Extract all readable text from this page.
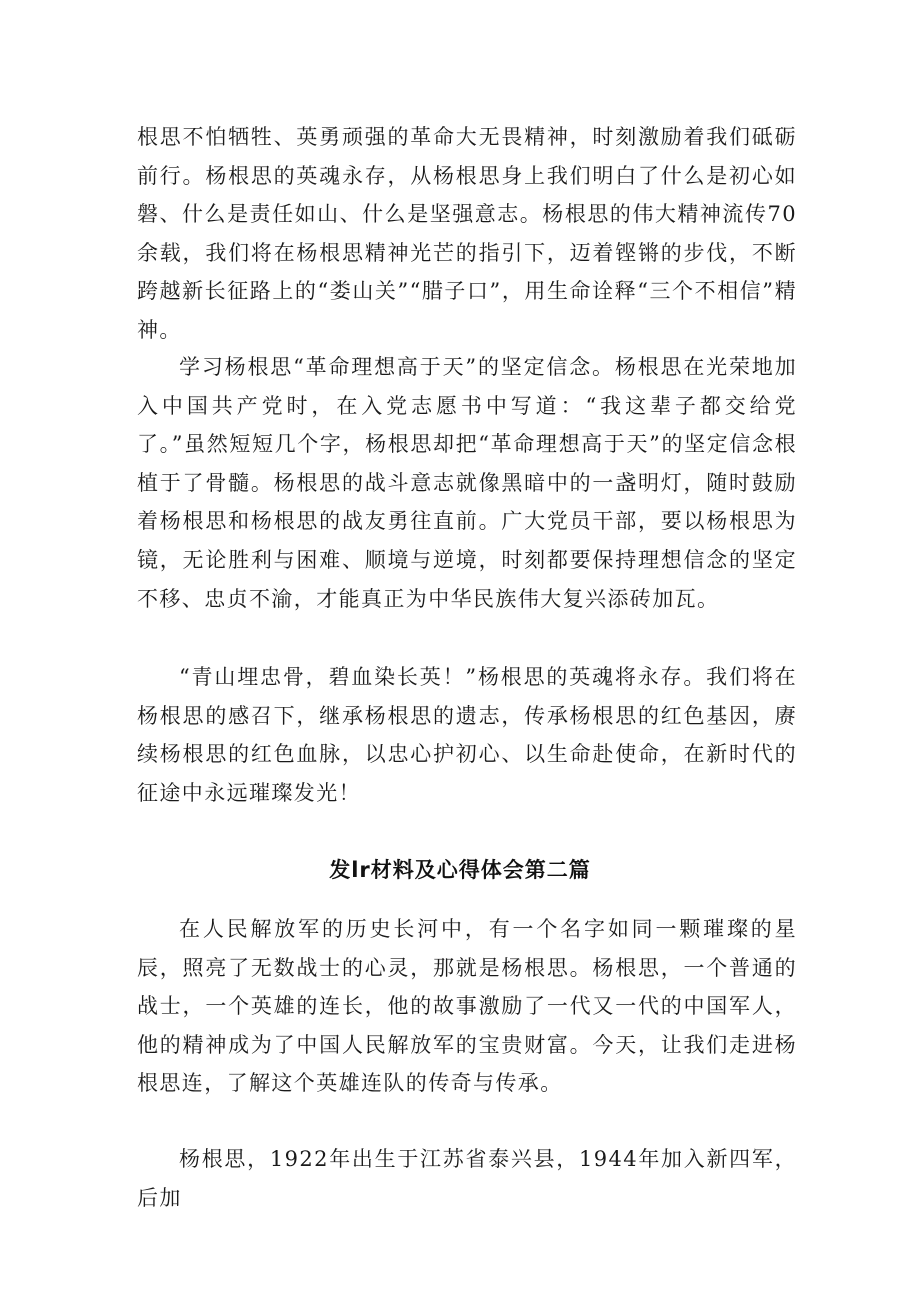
根思不怕牺牲、英勇顽强的革命大无畏精神，时刻激励着我们砥砺前行。杨根思的英魂永存，从杨根思身上我们明白了什么是初心如磐、什么是责任如山、什么是坚强意志。杨根思的伟大精神流传70余载，我们将在杨根思精神光芒的指引下，迈着铿锵的步伐，不断跨越新长征路上的“娄山关”“腊子口”，用生命诠释“三个不相信”精神。

学习杨根思“革命理想高于天”的坚定信念。杨根思在光荣地加入中国共产党时，在入党志愿书中写道：“我这辈子都交给党了。”虽然短短几个字，杨根思却把“革命理想高于天”的坚定信念根植于了骨髓。杨根思的战斗意志就像黑暗中的一盏明灯，随时鼓励着杨根思和杨根思的战友勇往直前。广大党员干部，要以杨根思为镜，无论胜利与困难、顺境与逆境，时刻都要保持理想信念的坚定不移、忠贞不渝，才能真正为中华民族伟大复兴添砖加瓦。

“青山埋忠骨，碧血染长英！”杨根思的英魂将永存。我们将在杨根思的感召下，继承杨根思的遗志，传承杨根思的红色基因，赓续杨根思的红色血脉，以忠心护初心、以生命赴使命，在新时代的征途中永远璀璨发光！

发lr材料及心得体会第二篇

在人民解放军的历史长河中，有一个名字如同一颗璀璨的星辰，照亮了无数战士的心灵，那就是杨根思。杨根思，一个普通的战士，一个英雄的连长，他的故事激励了一代又一代的中国军人，他的精神成为了中国人民解放军的宝贵财富。今天，让我们走进杨根思连，了解这个英雄连队的传奇与传承。

杨根思，1922年出生于江苏省泰兴县，1944年加入新四军，后加
